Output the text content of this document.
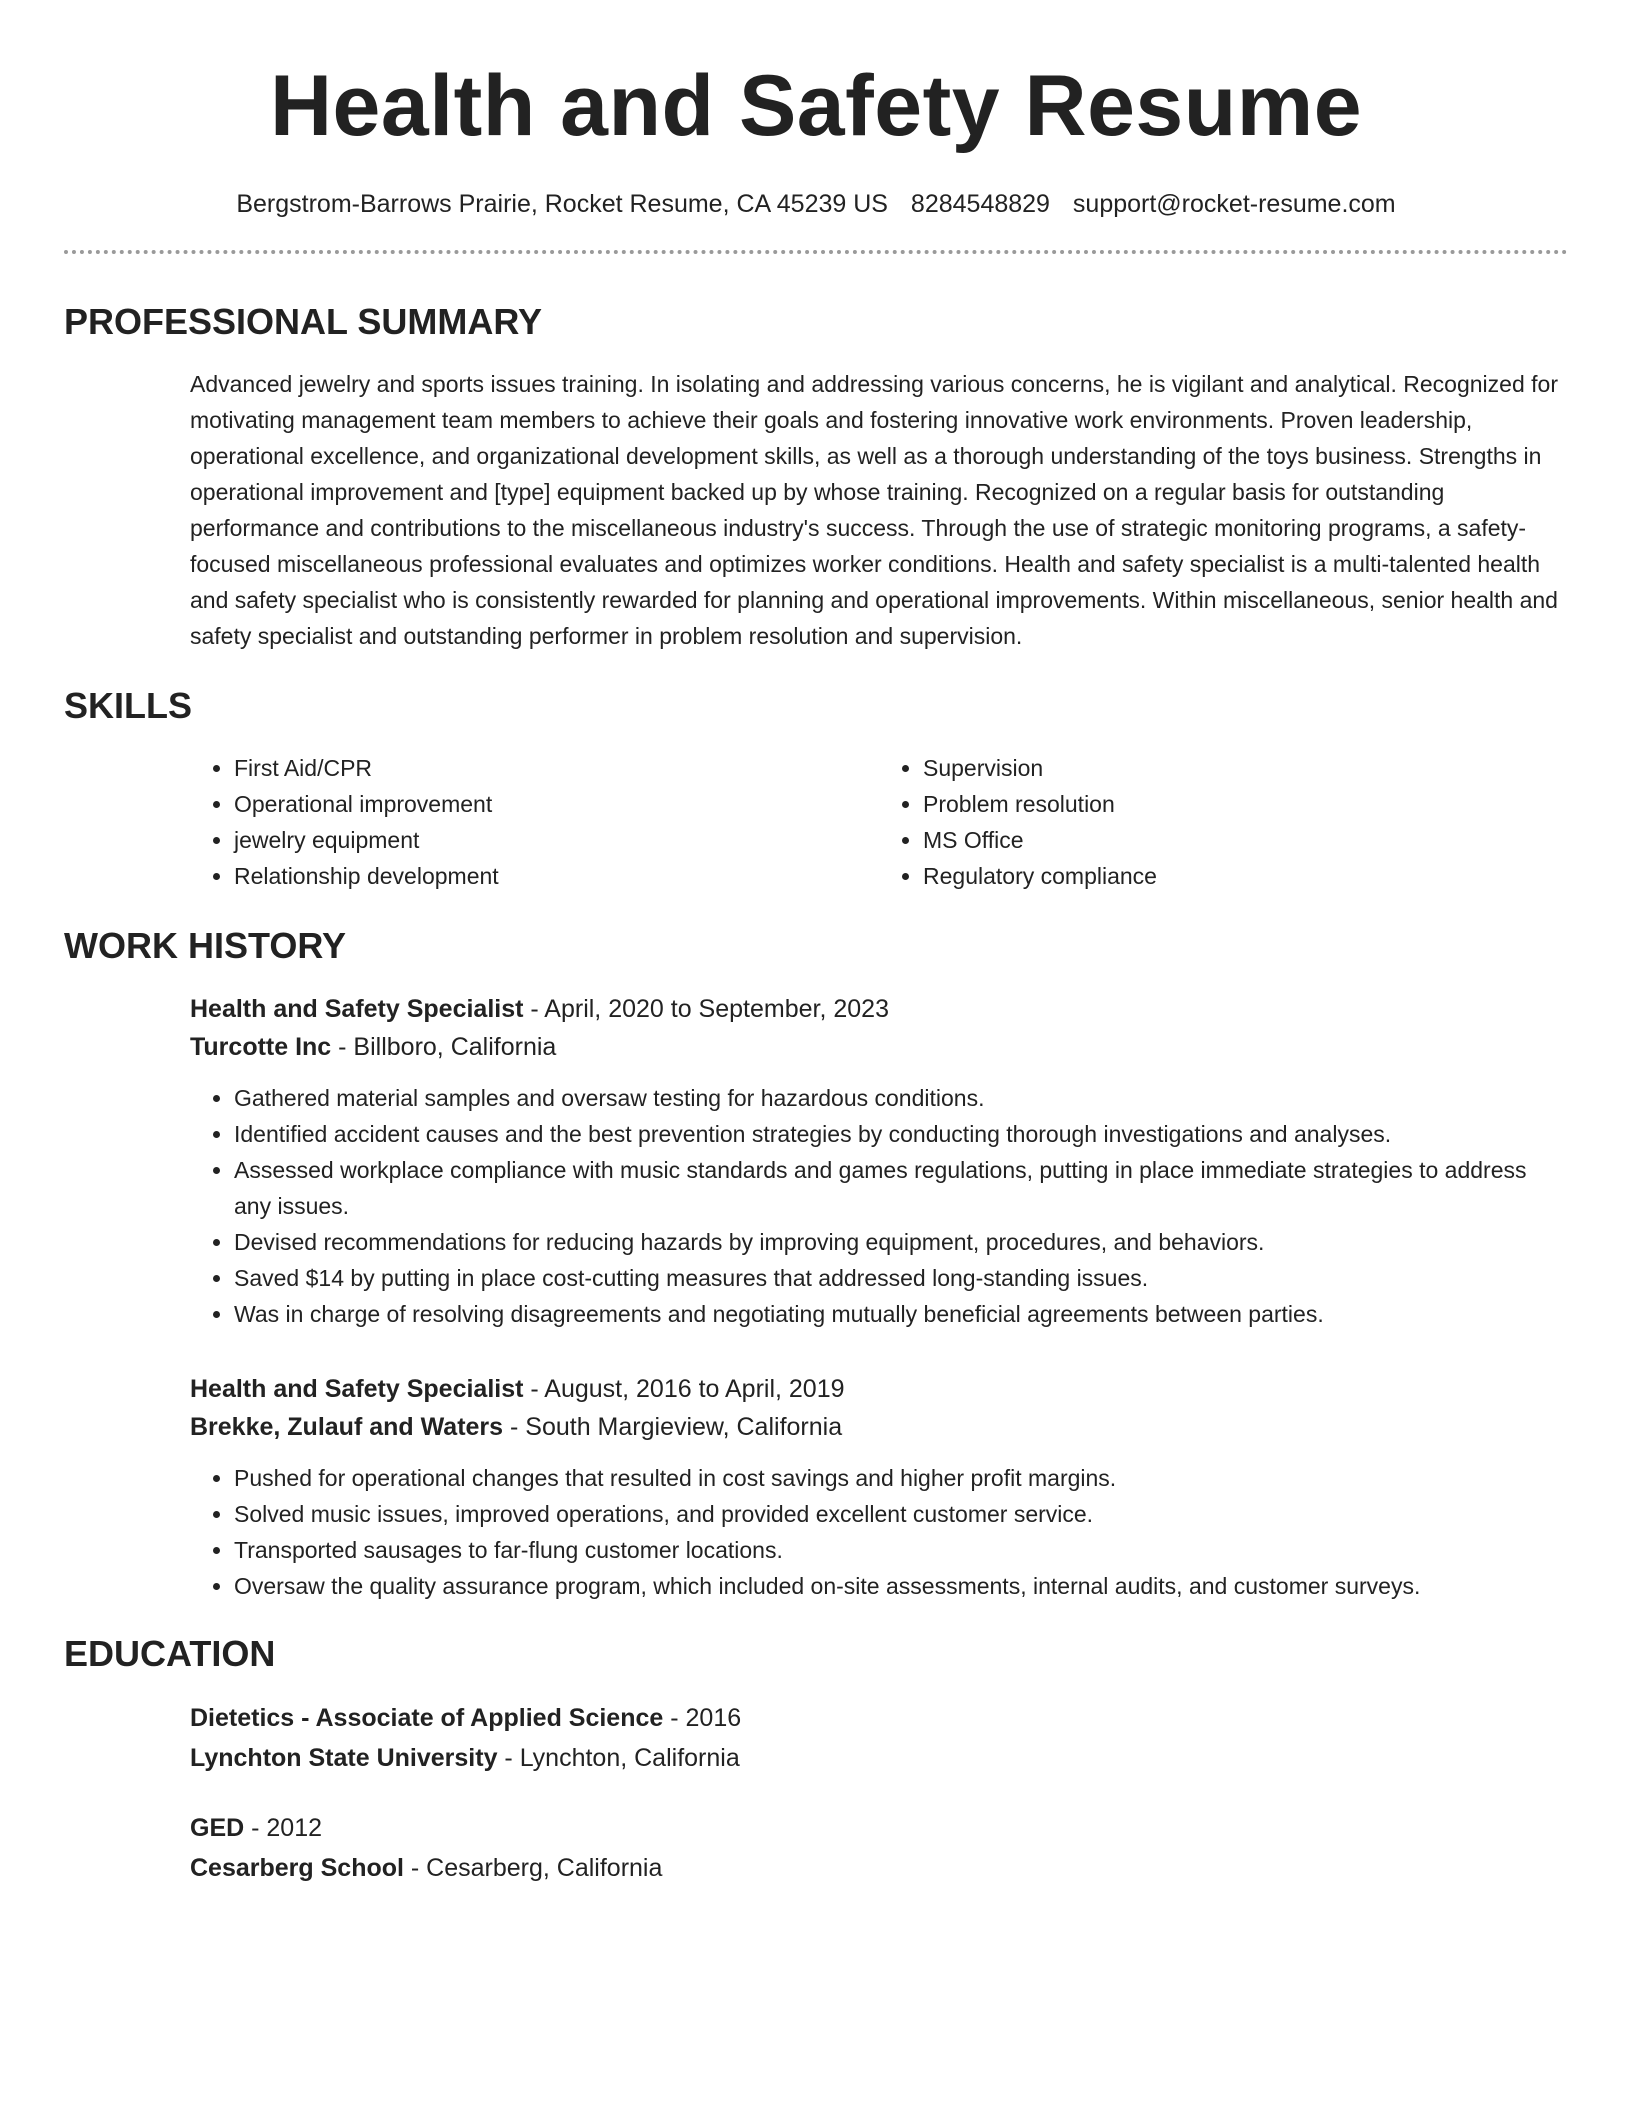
Health and Safety Resume
Bergstrom-Barrows Prairie, Rocket Resume, CA 45239 US 8284548829 support@rocket-resume.com
PROFESSIONAL SUMMARY
Advanced jewelry and sports issues training. In isolating and addressing various concerns, he is vigilant and analytical. Recognized for motivating management team members to achieve their goals and fostering innovative work environments. Proven leadership, operational excellence, and organizational development skills, as well as a thorough understanding of the toys business. Strengths in operational improvement and [type] equipment backed up by whose training. Recognized on a regular basis for outstanding performance and contributions to the miscellaneous industry's success. Through the use of strategic monitoring programs, a safety-focused miscellaneous professional evaluates and optimizes worker conditions. Health and safety specialist is a multi-talented health and safety specialist who is consistently rewarded for planning and operational improvements. Within miscellaneous, senior health and safety specialist and outstanding performer in problem resolution and supervision.
SKILLS
• First Aid/CPR
• Operational improvement
• jewelry equipment
• Relationship development
• Supervision
• Problem resolution
• MS Office
• Regulatory compliance
WORK HISTORY
Health and Safety Specialist - April, 2020 to September, 2023
Turcotte Inc - Billboro, California
• Gathered material samples and oversaw testing for hazardous conditions.
• Identified accident causes and the best prevention strategies by conducting thorough investigations and analyses.
• Assessed workplace compliance with music standards and games regulations, putting in place immediate strategies to address any issues.
• Devised recommendations for reducing hazards by improving equipment, procedures, and behaviors.
• Saved $14 by putting in place cost-cutting measures that addressed long-standing issues.
• Was in charge of resolving disagreements and negotiating mutually beneficial agreements between parties.
Health and Safety Specialist - August, 2016 to April, 2019
Brekke, Zulauf and Waters - South Margieview, California
• Pushed for operational changes that resulted in cost savings and higher profit margins.
• Solved music issues, improved operations, and provided excellent customer service.
• Transported sausages to far-flung customer locations.
• Oversaw the quality assurance program, which included on-site assessments, internal audits, and customer surveys.
EDUCATION
Dietetics - Associate of Applied Science - 2016
Lynchton State University - Lynchton, California
GED - 2012
Cesarberg School - Cesarberg, California
